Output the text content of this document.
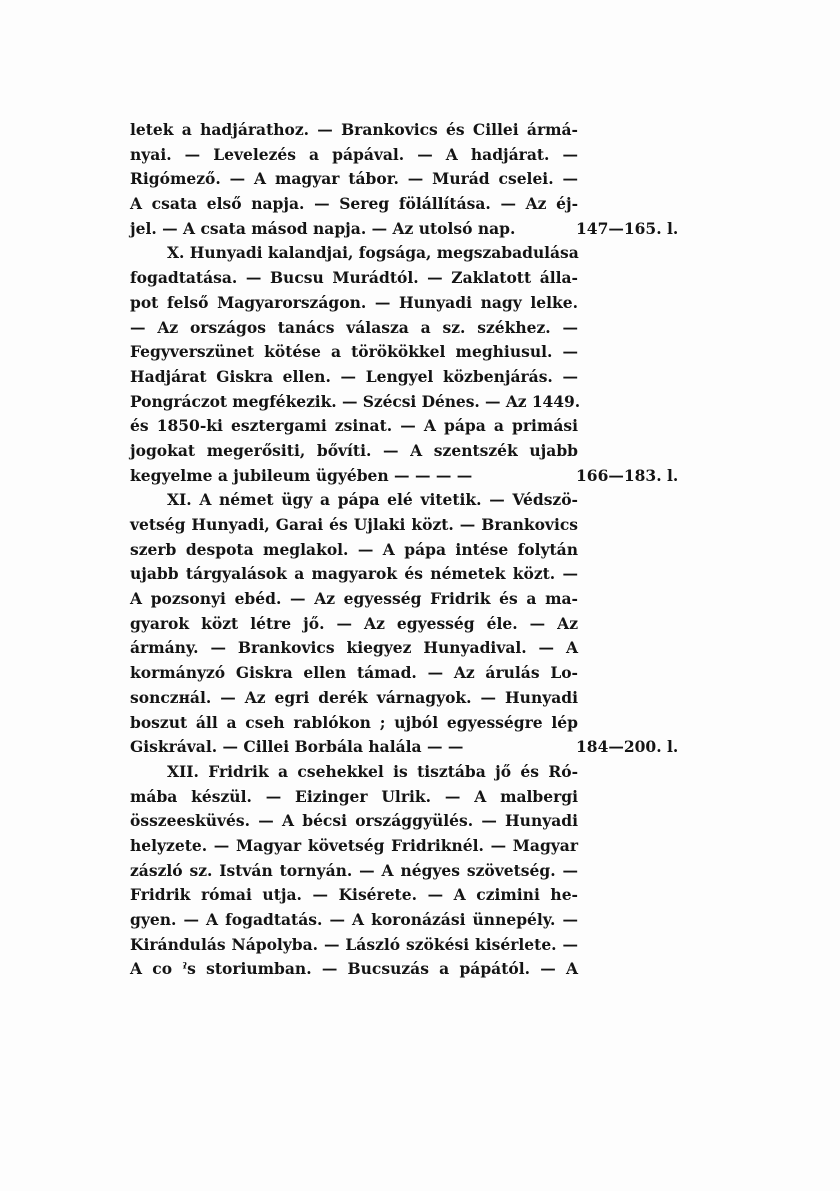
letek a hadjárathoz. — Brankovics és Cillei ármá-
nyai. — Levelezés a pápával. — A hadjárat. —
Rigómező. — A magyar tábor. — Murád cselei. —
A csata első napja. — Sereg fölállítása. — Az éj-
jel. — A csata másod napja. — Az utolsó nap.	147—165. l.
X. Hunyadi kalandjai, fogsága, megszabadulása
fogadtatása. — Bucsu Murádtól. — Zaklatott álla-
pot felső Magyarországon. — Hunyadi nagy lelke.
— Az országos tanács válasza a sz. székhez. —
Fegyverszünet kötése a törökökkel meghiusul. —
Hadjárat Giskra ellen. — Lengyel közbenjárás. —
Pongráczot megfékezik. — Szécsi Dénes. — Az 1449.
és 1850-ki esztergami zsinat. — A pápa a primási
jogokat megerősiti, bővíti. — A szentszék ujabb
kegyelme a jubileum ügyében — — — —	166—183. l.
XI. A német ügy a pápa elé vitetik. — Védszö-
vetség Hunyadi, Garai és Ujlaki közt. — Brankovics
szerb despota meglakol. — A pápa intése folytán
ujabb tárgyalások a magyarok és németek közt. —
A pozsonyi ebéd. — Az egyesség Fridrik és a ma-
gyarok közt létre jő. — Az egyesség éle. — Az
ármány. — Brankovics kiegyez Hunyadival. — A
kormányzó Giskra ellen támad. — Az árulás Lo-
sonczнál. — Az egri derék várnagyok. — Hunyadi
boszut áll a cseh rablókon ; ujból egyességre lép
Giskrával. — Cillei Borbála halála — —	184—200. l.
XII. Fridrik a csehekkel is tisztába jő és Ró-
mába készül. — Eizinger Ulrik. — A malbergi
összeesküvés. — A bécsi országgyülés. — Hunyadi
helyzete. — Magyar követség Fridriknél. — Magyar
zászló sz. István tornyán. — A négyes szövetség. —
Fridrik római utja. — Kisérete. — A czimini he-
gyen. — A fogadtatás. — A koronázási ünnepély. —
Kirándulás Nápolyba. — László szökési kisérlete. —
A co ˀs storiumban. — Bucsuzás a pápától. — A
